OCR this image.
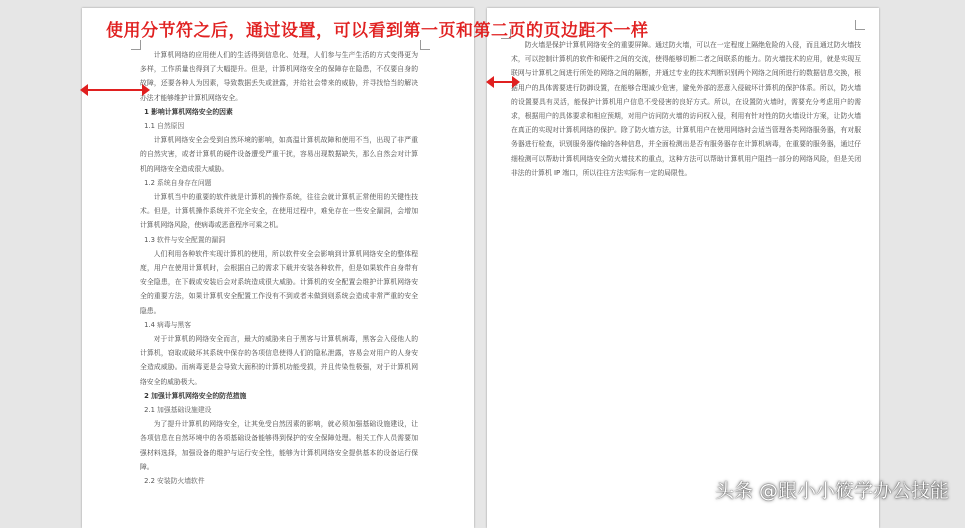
计算机网络的应用使人们的生活得到信息化、处理，人们参与生产生活的方式变得更为多样，工作质量也得到了大幅提升。但是，计算机网络安全的保障存在隐患，不仅要自身的故障，还要各种人为因素，导致数据丢失或泄露，并给社会带来的威胁，并寻找恰当的解决办法才能够维护计算机网络安全。

1 影响计算机网络安全的因素

1.1 自然原因

计算机网络安全会受到自然环境的影响，如高温计算机故障和使用不当，出现了非严重的自然灾害，或者计算机的硬件设备遭受严重干扰，容易出现数据缺失，那么自然会对计算机的网络安全造成很大威胁。

1.2 系统自身存在问题

计算机当中的重要的软件就是计算机的操作系统，往往会就计算机正常使用的关键性技术。但是，计算机操作系统并不完全安全，在使用过程中，难免存在一些安全漏洞，会增加计算机网络风险，使病毒或恶意程序可乘之机。

1.3 软件与安全配置的漏洞

人们利用各种软件实现计算机的使用，所以软件安全会影响到计算机网络安全的整体程度，用户在使用计算机时，会根据自己的需求下载并安装各种软件，但是如果软件自身带有安全隐患，在下载或安装后会对系统造成很大威胁。计算机的安全配置会维护计算机网络安全的重要方法，如果计算机安全配置工作没有不到或者未做到则系统会造成非常严重的安全隐患。

1.4 病毒与黑客

对于计算机的网络安全而言，最大的威胁来自于黑客与计算机病毒，黑客会入侵他人的计算机，窃取或破坏其系统中保存的各项信息使得人们的隐私泄露，容易会对用户的人身安全造成威胁。而病毒更是会导致大面积的计算机功能受损，并且传染性极强，对于计算机网络安全的威胁极大。

2 加强计算机网络安全的防范措施

2.1 加强基础设施建设

为了提升计算机的网络安全，让其免受自然因素的影响，就必须加强基础设施建设，让各项信息在自然环境中的各项基础设备能够得到保护的安全保障处理。相关工作人员需要加强材料选择，加强设备的维护与运行安全性，能够为计算机网络安全提供基本的设备运行保障。

2.2 安装防火墙软件

防火墙是保护计算机网络安全的重要屏障。通过防火墙，可以在一定程度上隔绝危险的入侵，而且通过防火墙技术，可以控制计算机的软件和硬件之间的交流，使得能够切断二者之间联系的能力。防火墙技术的应用，就是实现互联网与计算机之间进行所处的网络之间的隔断，并通过专业的技术判断识别两个网络之间所进行的数据信息交换，根据用户的具体需要进行防御设置，在能够合理减少危害，避免外部的恶意入侵破坏计算机的保护体系。所以，防火墙的设置要具有灵活，能保护计算机用户信息不受侵害的良好方式。所以，在设置防火墙时，需要充分考虑用户的需求，根据用户的具体要求和相应预期，对用户访问防火墙的访问权入侵，利用有针对性的防火墙设计方案，让防火墙在真正的实现对计算机网络的保护。除了防火墙方法，计算机用户在使用网络时会适当管理各类网络服务器，有对服务器进行检查，识别服务器传输的各种信息，并全面检测出是否有服务器存在计算机病毒，在重要的服务器，通过仔细检测可以帮助计算机网络安全防火墙技术的重点，这种方法可以帮助计算机用户阻挡一部分的网络风险，但是关闭非法的计算机 IP 端口，所以往往方法实际有一定的局限性。

使用分节符之后，通过设置，可以看到第一页和第二页的页边距不一样
头条 @跟小小筱学办公技能
